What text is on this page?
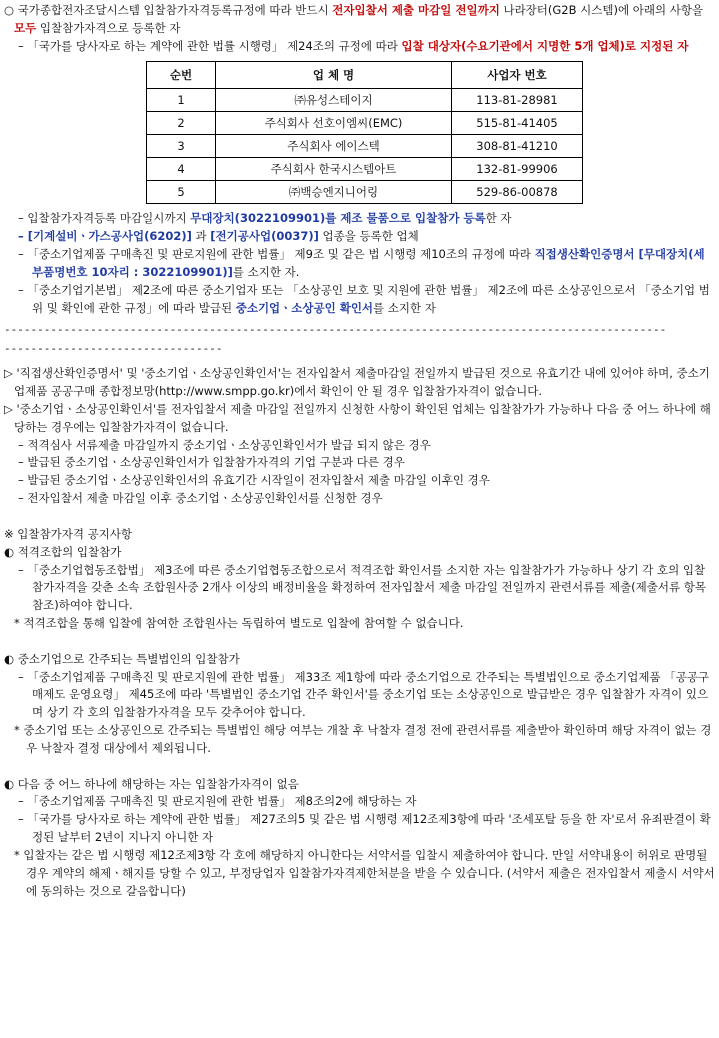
○ 국가종합전자조달시스템 입찰참가자격등록규정에 따라 반드시 전자입찰서 제출 마감일 전일까지 나라장터(G2B 시스템)에 아래의 사항을 모두 입찰참가자격으로 등록한 자

– 「국가를 당사자로 하는 계약에 관한 법률 시행령」 제24조의 규정에 따라 입찰 대상자(수요기관에서 지명한 5개 업체)로 지정된 자

순번	업 체 명	사업자 번호
1	㈜유성스테이지	113-81-28981
2	주식회사 선호이엠씨(EMC)	515-81-41405
3	주식회사 에이스텍	308-81-41210
4	주식회사 한국시스템아트	132-81-99906
5	㈜백승엔지니어링	529-86-00878

– 입찰참가자격등록 마감일시까지 무대장치(3022109901)를 제조 물품으로 입찰참가 등록한 자

– [기계설비ㆍ가스공사업(6202)] 과 [전기공사업(0037)] 업종을 등록한 업체

– 「중소기업제품 구매촉진 및 판로지원에 관한 법률」 제9조 및 같은 법 시행령 제10조의 규정에 따라 직접생산확인증명서 [무대장치(세부품명번호 10자리 : 3022109901)]를 소지한 자.

– 「중소기업기본법」 제2조에 따른 중소기업자 또는 「소상공인 보호 및 지원에 관한 법률」 제2조에 따른 소상공인으로서 「중소기업 범위 및 확인에 관한 규정」에 따라 발급된 중소기업ㆍ소상공인 확인서를 소지한 자

----------------------------------------------------------------------------------------------------
---------------------------------

▷ '직접생산확인증명서' 및 '중소기업ㆍ소상공인확인서'는 전자입찰서 제출마감일 전일까지 발급된 것으로 유효기간 내에 있어야 하며, 중소기업제품 공공구매 종합정보망(http://www.smpp.go.kr)에서 확인이 안 될 경우 입찰참가자격이 없습니다.

▷ '중소기업ㆍ소상공인확인서'를 전자입찰서 제출 마감일 전일까지 신청한 사항이 확인된 업체는 입찰참가가 가능하나 다음 중 어느 하나에 해당하는 경우에는 입찰참가자격이 없습니다.

– 적격심사 서류제출 마감일까지 중소기업ㆍ소상공인확인서가 발급 되지 않은 경우

– 발급된 중소기업ㆍ소상공인확인서가 입찰참가자격의 기업 구분과 다른 경우

– 발급된 중소기업ㆍ소상공인확인서의 유효기간 시작일이 전자입찰서 제출 마감일 이후인 경우

– 전자입찰서 제출 마감일 이후 중소기업ㆍ소상공인확인서를 신청한 경우

※ 입찰참가자격 공지사항

◐ 적격조합의 입찰참가

– 「중소기업협동조합법」 제3조에 따른 중소기업협동조합으로서 적격조합 확인서를 소지한 자는 입찰참가가 가능하나 상기 각 호의 입찰참가자격을 갖춘 소속 조합원사중 2개사 이상의 배정비율을 확정하여 전자입찰서 제출 마감일 전일까지 관련서류를 제출(제출서류 항목 참조)하여야 합니다.

* 적격조합을 통해 입찰에 참여한 조합원사는 독립하여 별도로 입찰에 참여할 수 없습니다.

◐ 중소기업으로 간주되는 특별법인의 입찰참가

– 「중소기업제품 구매촉진 및 판로지원에 관한 법률」 제33조 제1항에 따라 중소기업으로 간주되는 특별법인으로 중소기업제품 「공공구매제도 운영요령」 제45조에 따라 '특별법인 중소기업 간주 확인서'를 중소기업 또는 소상공인으로 발급받은 경우 입찰참가 자격이 있으며 상기 각 호의 입찰참가자격을 모두 갖추어야 합니다.

* 중소기업 또는 소상공인으로 간주되는 특별법인 해당 여부는 개찰 후 낙찰자 결정 전에 관련서류를 제출받아 확인하며 해당 자격이 없는 경우 낙찰자 결정 대상에서 제외됩니다.

◐ 다음 중 어느 하나에 해당하는 자는 입찰참가자격이 없음

– 「중소기업제품 구매촉진 및 판로지원에 관한 법률」 제8조의2에 해당하는 자

– 「국가를 당사자로 하는 계약에 관한 법률」 제27조의5 및 같은 법 시행령 제12조제3항에 따라 '조세포탈 등을 한 자'로서 유죄판결이 확정된 날부터 2년이 지나지 아니한 자

* 입찰자는 같은 법 시행령 제12조제3항 각 호에 해당하지 아니한다는 서약서를 입찰시 제출하여야 합니다. 만일 서약내용이 허위로 판명될 경우 계약의 해제ㆍ해지를 당할 수 있고, 부정당업자 입찰참가자격제한처분을 받을 수 있습니다. (서약서 제출은 전자입찰서 제출시 서약서에 동의하는 것으로 갈음합니다)
